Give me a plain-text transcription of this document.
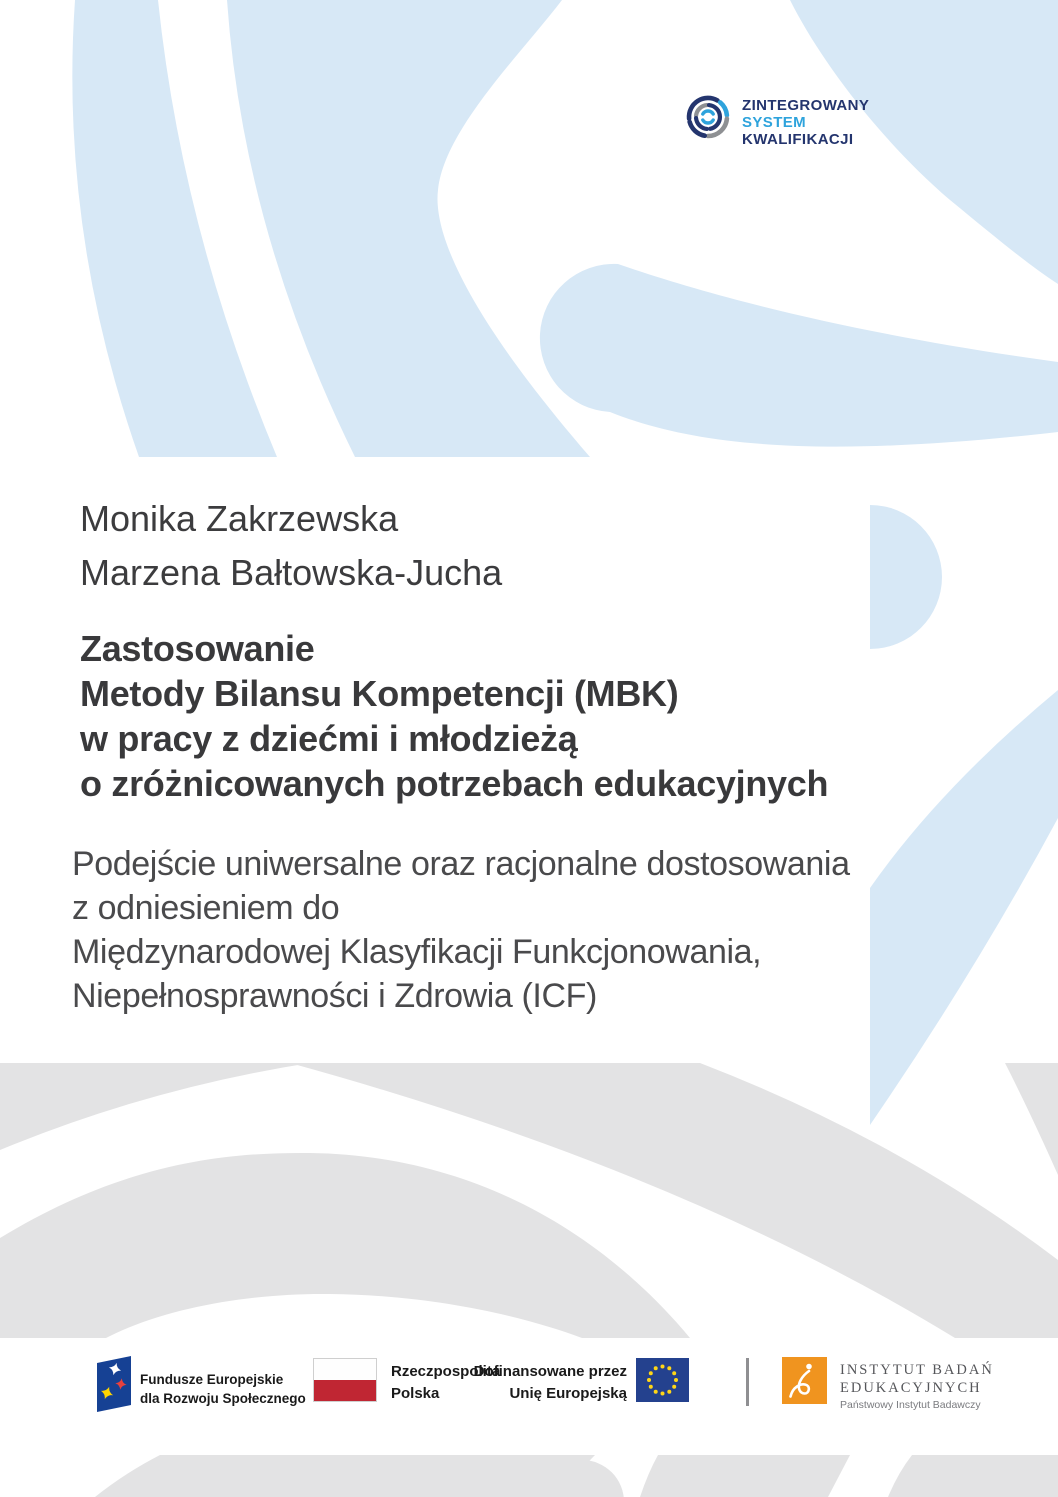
ZINTEGROWANY
SYSTEM
KWALIFIKACJI
Monika Zakrzewska
Marzena Bałtowska-Jucha
Zastosowanie
Metody Bilansu Kompetencji (MBK)
w pracy z dziećmi i młodzieżą
o zróżnicowanych potrzebach edukacyjnych
Podejście uniwersalne oraz racjonalne dostosowania
z odniesieniem do
Międzynarodowej Klasyfikacji Funkcjonowania,
Niepełnosprawności i Zdrowia (ICF)
Fundusze Europejskie
dla Rozwoju Społecznego
Rzeczpospolita
Polska
Dofinansowane przez
Unię Europejską
INSTYTUT BADAŃ
EDUKACYJNYCH
Państwowy Instytut Badawczy
